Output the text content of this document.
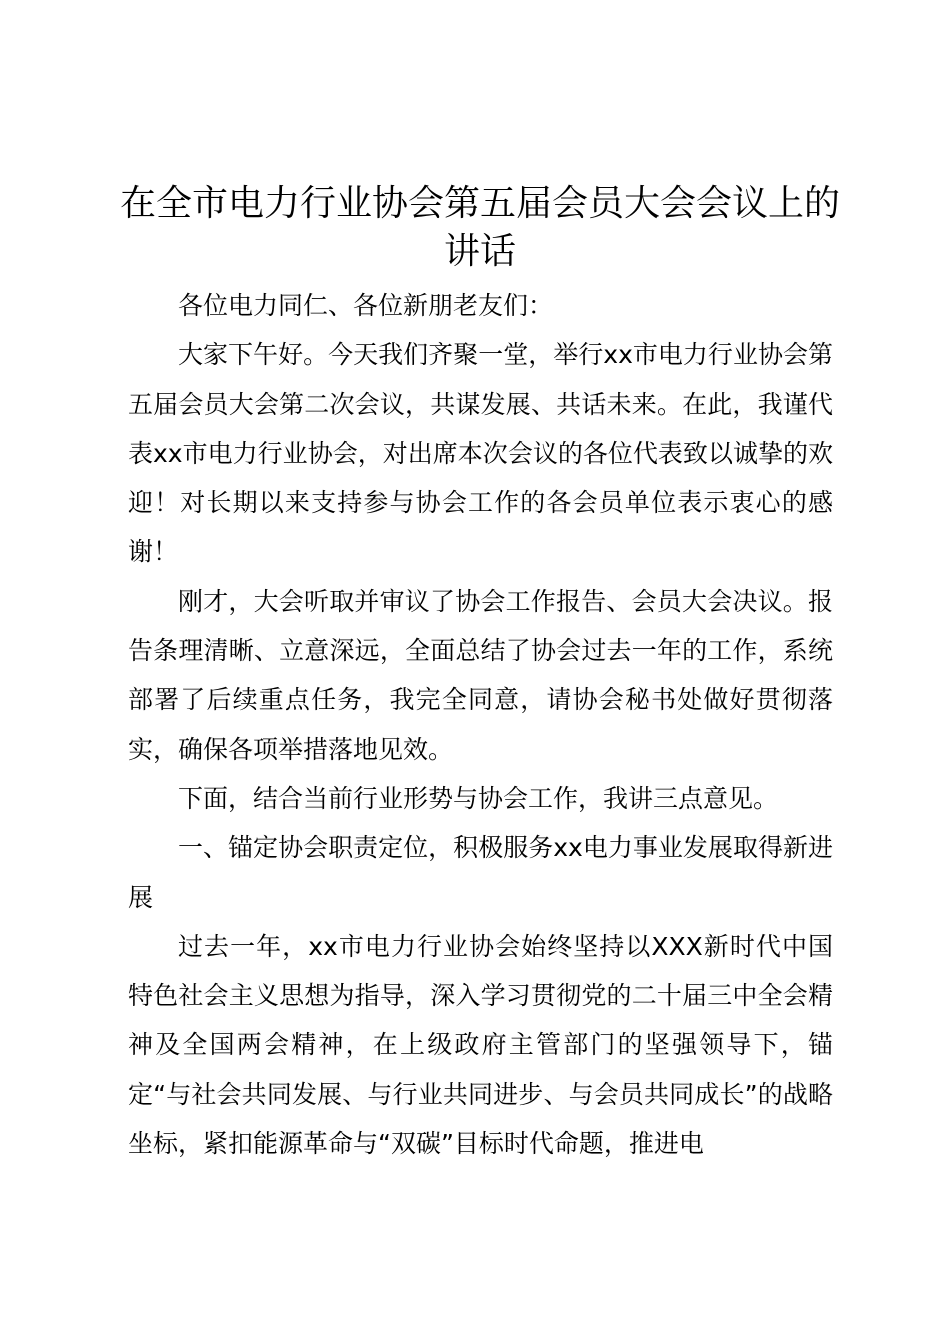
在全市电力行业协会第五届会员大会会议上的讲话

各位电力同仁、各位新朋老友们：

大家下午好。今天我们齐聚一堂，举行xx市电力行业协会第五届会员大会第二次会议，共谋发展、共话未来。在此，我谨代表xx市电力行业协会，对出席本次会议的各位代表致以诚挚的欢迎！对长期以来支持参与协会工作的各会员单位表示衷心的感谢！

刚才，大会听取并审议了协会工作报告、会员大会决议。报告条理清晰、立意深远，全面总结了协会过去一年的工作，系统部署了后续重点任务，我完全同意，请协会秘书处做好贯彻落实，确保各项举措落地见效。

下面，结合当前行业形势与协会工作，我讲三点意见。

一、锚定协会职责定位，积极服务xx电力事业发展取得新进展

过去一年，xx市电力行业协会始终坚持以XXX新时代中国特色社会主义思想为指导，深入学习贯彻党的二十届三中全会精神及全国两会精神，在上级政府主管部门的坚强领导下，锚定“与社会共同发展、与行业共同进步、与会员共同成长”的战略坐标，紧扣能源革命与“双碳”目标时代命题，推进电
